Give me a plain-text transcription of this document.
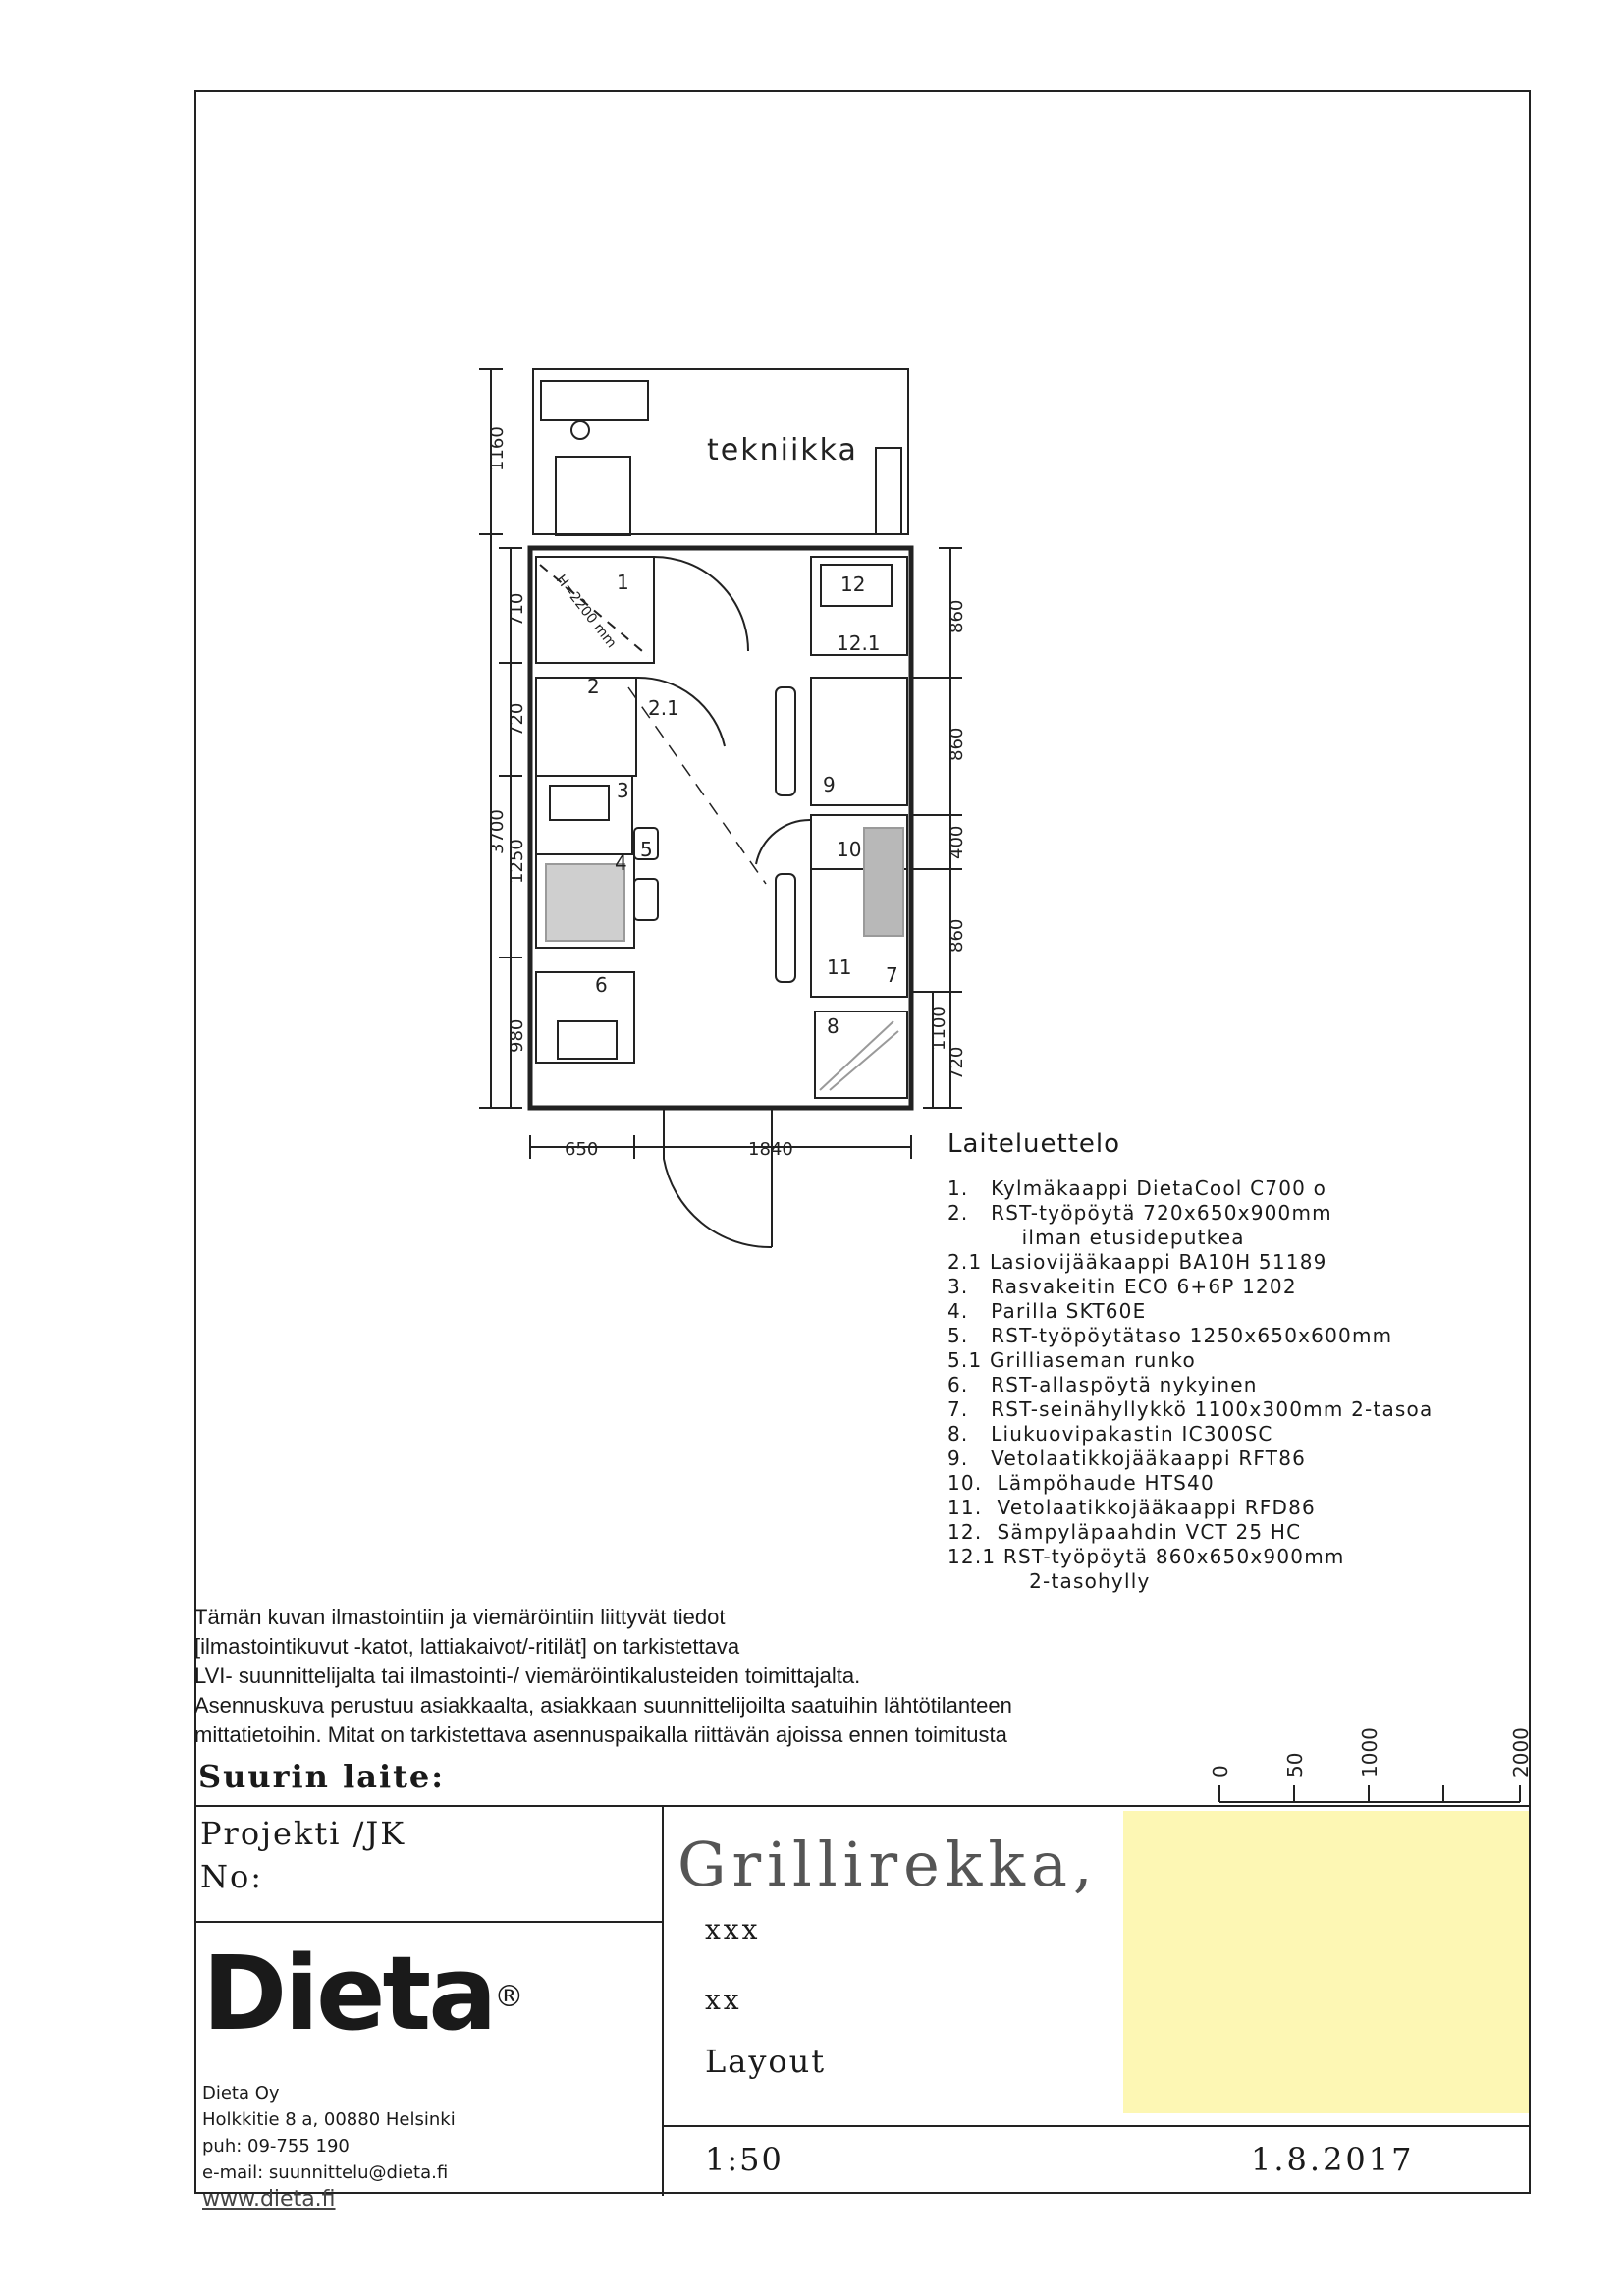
tekniikka
H=2200 mm
1
2
2.1
3
4
5
6	7
8
9
10
11
12
12.1
1160
710
720
3700
1250
980
860
860
400
860
1100
720
650	1840
0	50	1000	2000
Laiteluettelo
1.   Kylmäkaappi DietaCool C700 o
2.   RST-työpöytä 720x650x900mm
ilman etusideputkea
2.1 Lasiovijääkaappi BA10H 51189
3.   Rasvakeitin ECO 6+6P 1202
4.   Parilla SKT60E
5.   RST-työpöytätaso 1250x650x600mm
5.1 Grilliaseman runko
6.   RST-allaspöytä nykyinen
7.   RST-seinähyllykkö 1100x300mm 2-tasoa
8.   Liukuovipakastin IC300SC
9.   Vetolaatikkojääkaappi RFT86
10.  Lämpöhaude HTS40
11.  Vetolaatikkojääkaappi RFD86
12.  Sämpyläpaahdin VCT 25 HC
12.1 RST-työpöytä 860x650x900mm
2-tasohylly
Tämän kuvan ilmastointiin ja viemäröintiin liittyvät tiedot
[ilmastointikuvut -katot, lattiakaivot/-ritilät] on tarkistettava
LVI- suunnittelijalta tai ilmastointi-/ viemäröintikalusteiden toimittajalta.
Asennuskuva perustuu asiakkaalta, asiakkaan suunnittelijoilta saatuihin lähtötilanteen
mittatietoihin. Mitat on tarkistettava asennuspaikalla riittävän ajoissa ennen toimitusta
Suurin laite:
Projekti /JK
No:
Dieta®
Dieta Oy
Holkkitie 8 a, 00880 Helsinki
puh: 09-755 190
e-mail: suunnittelu@dieta.fi
www.dieta.fi
Grillirekka,
xxx
xx
Layout
1:50	1.8.2017
